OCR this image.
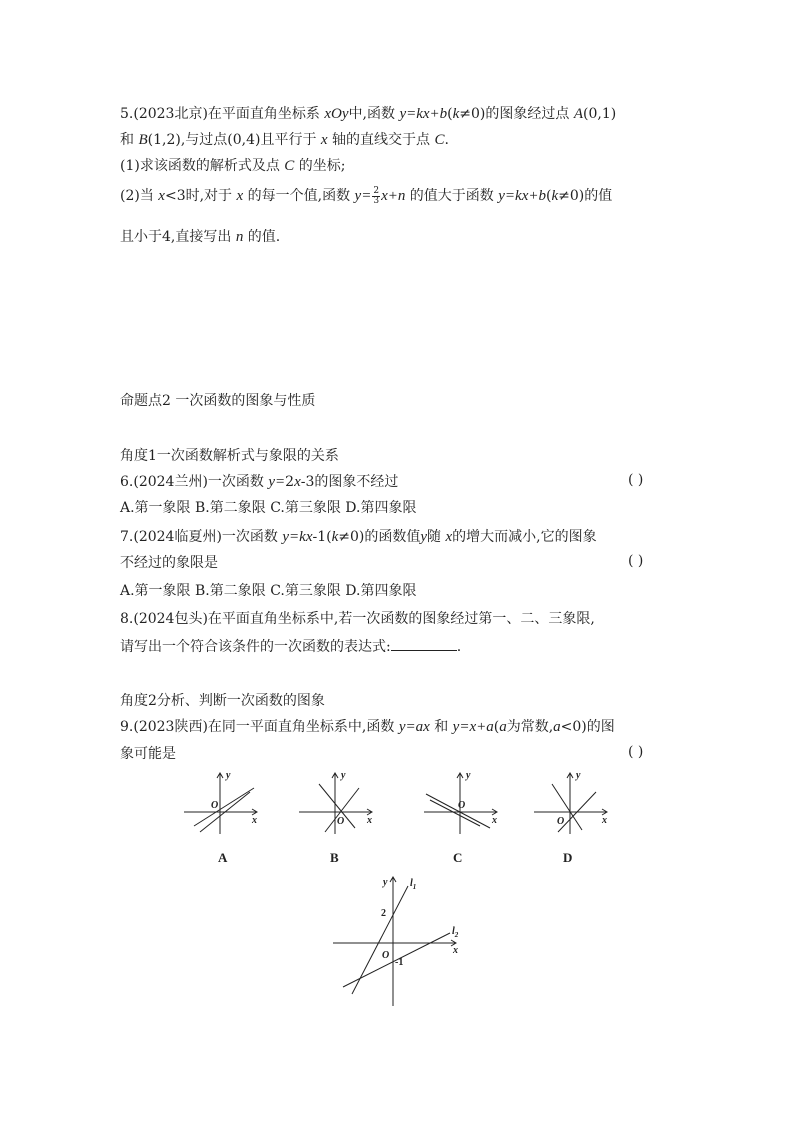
5.(2023北京)在平面直角坐标系 xOy中,函数 y=kx+b(k≠0)的图象经过点 A(0,1)
和 B(1,2),与过点(0,4)且平行于 x 轴的直线交于点 C.
(1)求该函数的解析式及点 C 的坐标;
(2)当 x<3时,对于 x 的每一个值,函数 $y= \frac{2}{3} x+n$ 的值大于函数 y=kx+b(k≠0)的值
且小于4,直接写出 n 的值.
命题点2 一次函数的图象与性质
角度1一次函数解析式与象限的关系
6.(2024兰州)一次函数 y=2x-3的图象不经过	( )
A.第一象限 B.第二象限 C.第三象限 D.第四象限
7.(2024临夏州)一次函数 y=kx-1(k≠0)的函数值y随 x的增大而减小,它的图象
不经过的象限是	( )
A.第一象限 B.第二象限 C.第三象限 D.第四象限
8.(2024包头)在平面直角坐标系中,若一次函数的图象经过第一、二、三象限,
请写出一个符合该条件的一次函数的表达式:	.
角度2分析、判断一次函数的图象
9.(2023陕西)在同一平面直角坐标系中,函数 y=ax 和 y=x+a(a为常数,a<0)的图
象可能是	( )
y
x
O
A
y
x
O
B
y
x
O
C
y
x
O
D
y
x
O
2
-1
$l_1$
$l_2$
